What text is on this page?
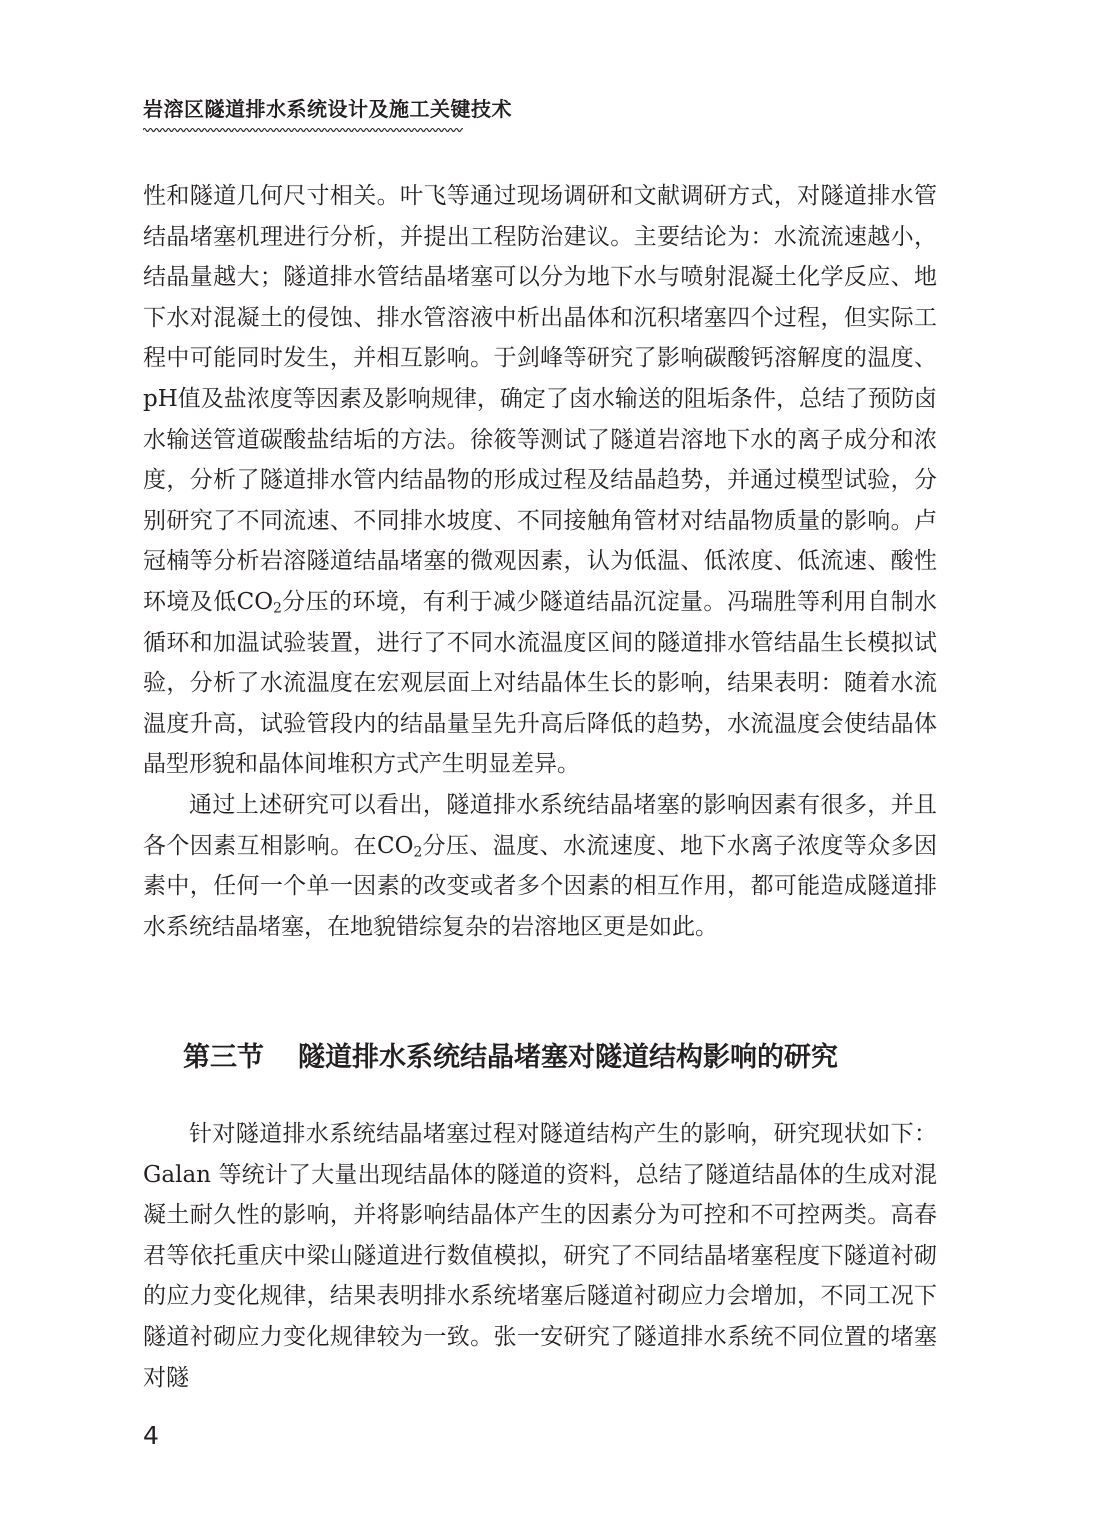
岩溶区隧道排水系统设计及施工关键技术

性和隧道几何尺寸相关。叶飞等通过现场调研和文献调研方式，对隧道排水管结晶堵塞机理进行分析，并提出工程防治建议。主要结论为：水流流速越小，结晶量越大；隧道排水管结晶堵塞可以分为地下水与喷射混凝土化学反应、地下水对混凝土的侵蚀、排水管溶液中析出晶体和沉积堵塞四个过程，但实际工程中可能同时发生，并相互影响。于剑峰等研究了影响碳酸钙溶解度的温度、pH值及盐浓度等因素及影响规律，确定了卤水输送的阻垢条件，总结了预防卤水输送管道碳酸盐结垢的方法。徐筱等测试了隧道岩溶地下水的离子成分和浓度，分析了隧道排水管内结晶物的形成过程及结晶趋势，并通过模型试验，分别研究了不同流速、不同排水坡度、不同接触角管材对结晶物质量的影响。卢冠楠等分析岩溶隧道结晶堵塞的微观因素，认为低温、低浓度、低流速、酸性环境及低$CO_2$分压的环境，有利于减少隧道结晶沉淀量。冯瑞胜等利用自制水循环和加温试验装置，进行了不同水流温度区间的隧道排水管结晶生长模拟试验，分析了水流温度在宏观层面上对结晶体生长的影响，结果表明：随着水流温度升高，试验管段内的结晶量呈先升高后降低的趋势，水流温度会使结晶体晶型形貌和晶体间堆积方式产生明显差异。

通过上述研究可以看出，隧道排水系统结晶堵塞的影响因素有很多，并且各个因素互相影响。在$CO_2$分压、温度、水流速度、地下水离子浓度等众多因素中，任何一个单一因素的改变或者多个因素的相互作用，都可能造成隧道排水系统结晶堵塞，在地貌错综复杂的岩溶地区更是如此。

第三节 隧道排水系统结晶堵塞对隧道结构影响的研究

针对隧道排水系统结晶堵塞过程对隧道结构产生的影响，研究现状如下：Galan 等统计了大量出现结晶体的隧道的资料，总结了隧道结晶体的生成对混凝土耐久性的影响，并将影响结晶体产生的因素分为可控和不可控两类。高春君等依托重庆中梁山隧道进行数值模拟，研究了不同结晶堵塞程度下隧道衬砌的应力变化规律，结果表明排水系统堵塞后隧道衬砌应力会增加，不同工况下隧道衬砌应力变化规律较为一致。张一安研究了隧道排水系统不同位置的堵塞对隧

4
